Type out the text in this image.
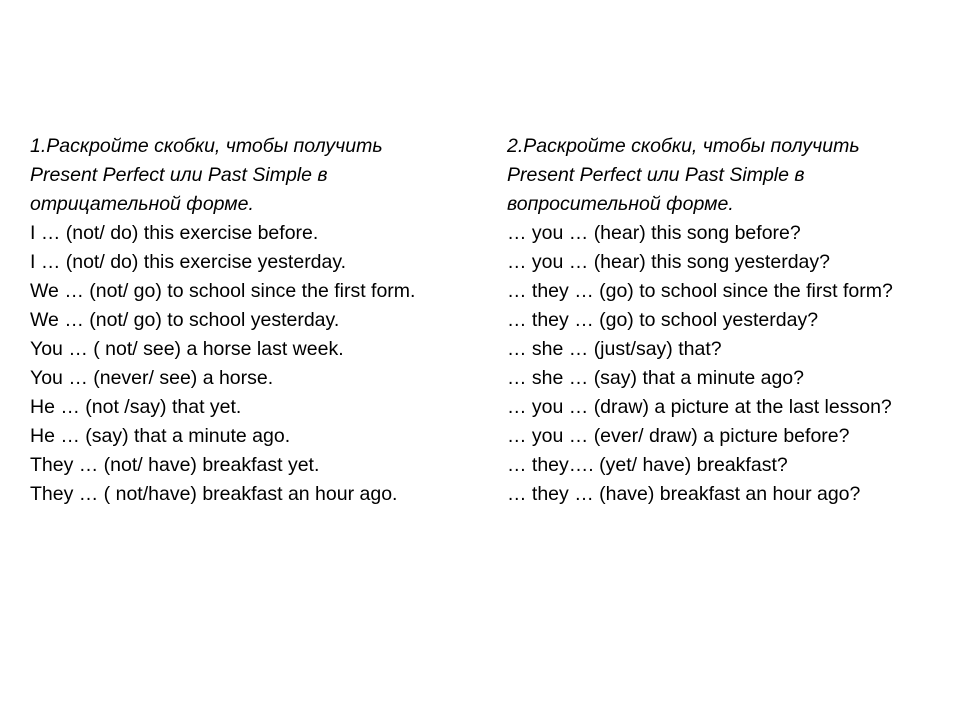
1.Раскройте скобки, чтобы получить
Present Perfect или Past Simple в
отрицательной форме.
I … (not/ do) this exercise before.
I … (not/ do) this exercise yesterday.
We … (not/ go) to school since the first form.
We … (not/ go) to school yesterday.
You … ( not/ see) a horse last week.
You … (never/ see) a horse.
He … (not /say) that yet.
He … (say) that a minute ago.
They … (not/ have) breakfast yet.
They … ( not/have) breakfast an hour ago.
2.Раскройте скобки, чтобы получить
Present Perfect или Past Simple в
вопросительной форме.
… you … (hear) this song before?
… you … (hear) this song yesterday?
… they … (go) to school since the first form?
… they … (go) to school yesterday?
… she … (just/say) that?
… she … (say) that a minute ago?
… you … (draw) a picture at the last lesson?
… you … (ever/ draw) a picture before?
… they…. (yet/ have) breakfast?
… they … (have) breakfast an hour ago?
